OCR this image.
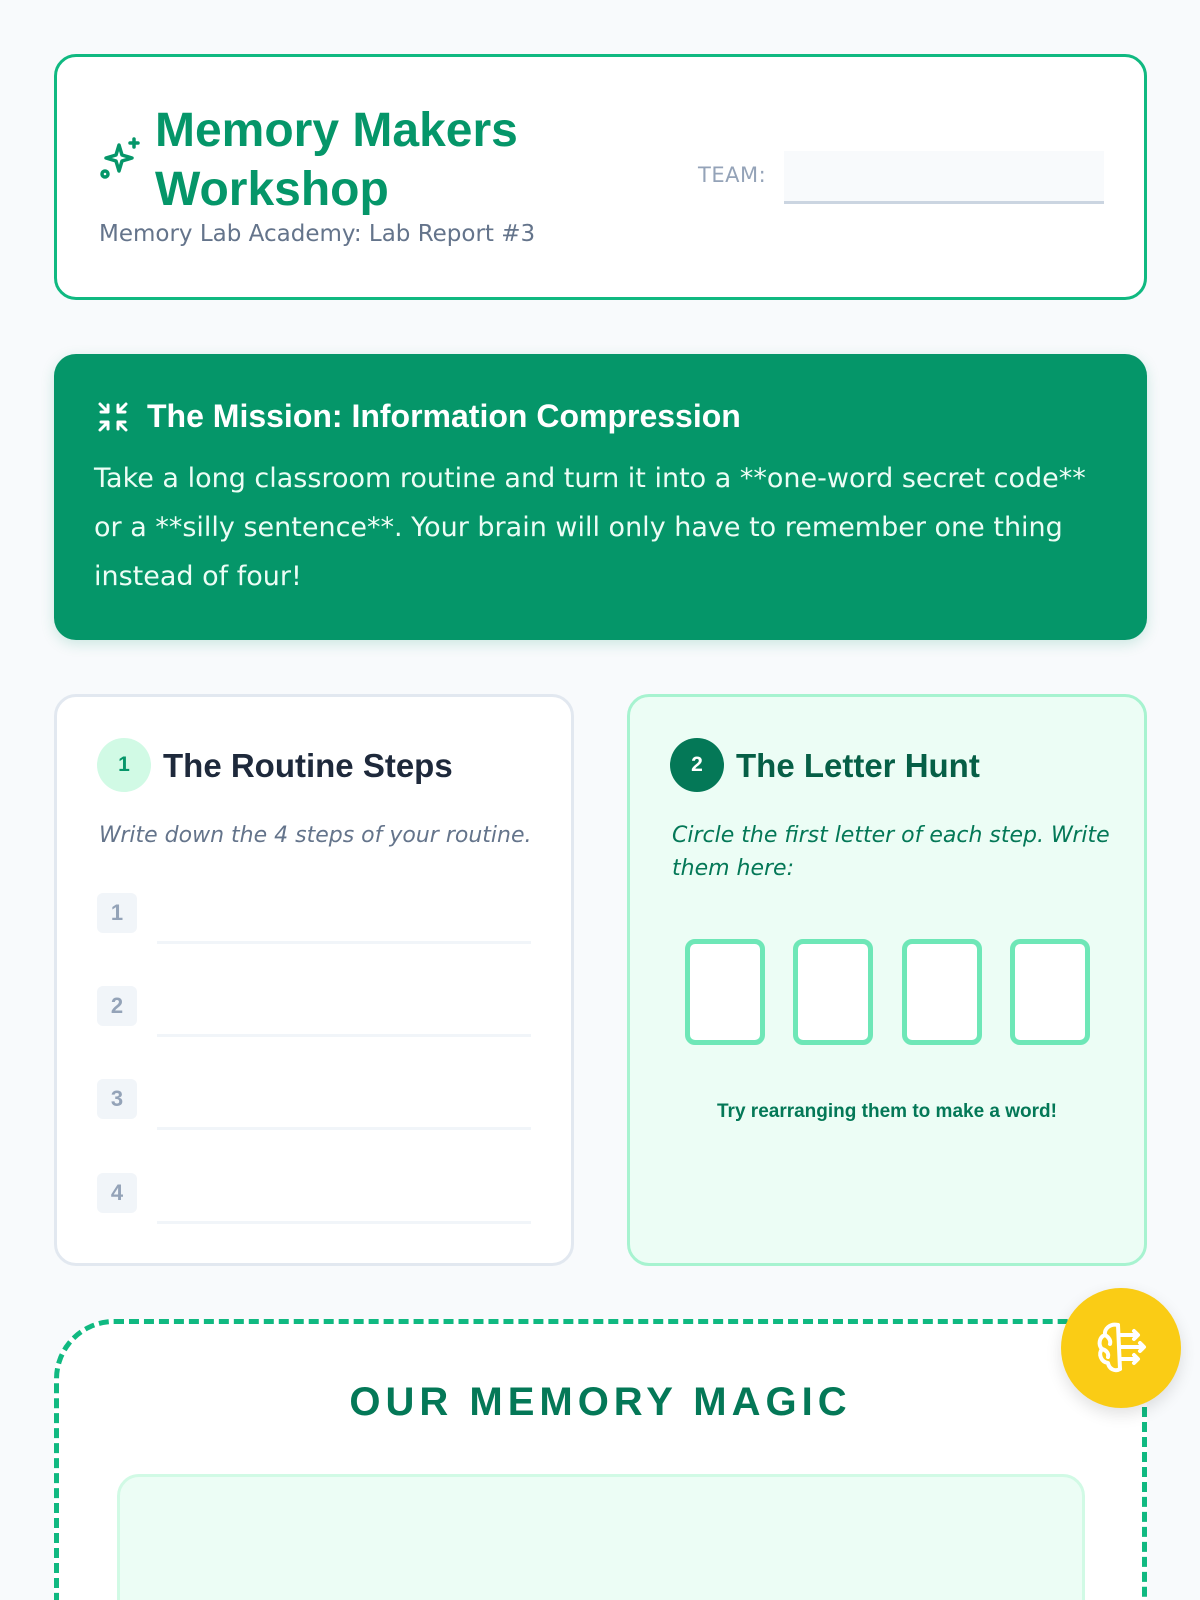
Memory Makers Workshop
Memory Lab Academy: Lab Report #3
TEAM:
The Mission: Information Compression
Take a long classroom routine and turn it into a **one-word secret code** or a **silly sentence**. Your brain will only have to remember one thing instead of four!
1	The Routine Steps
Write down the 4 steps of your routine.
1
2
3
4
2	The Letter Hunt
Circle the first letter of each step. Write them here:
Try rearranging them to make a word!
OUR MEMORY MAGIC
